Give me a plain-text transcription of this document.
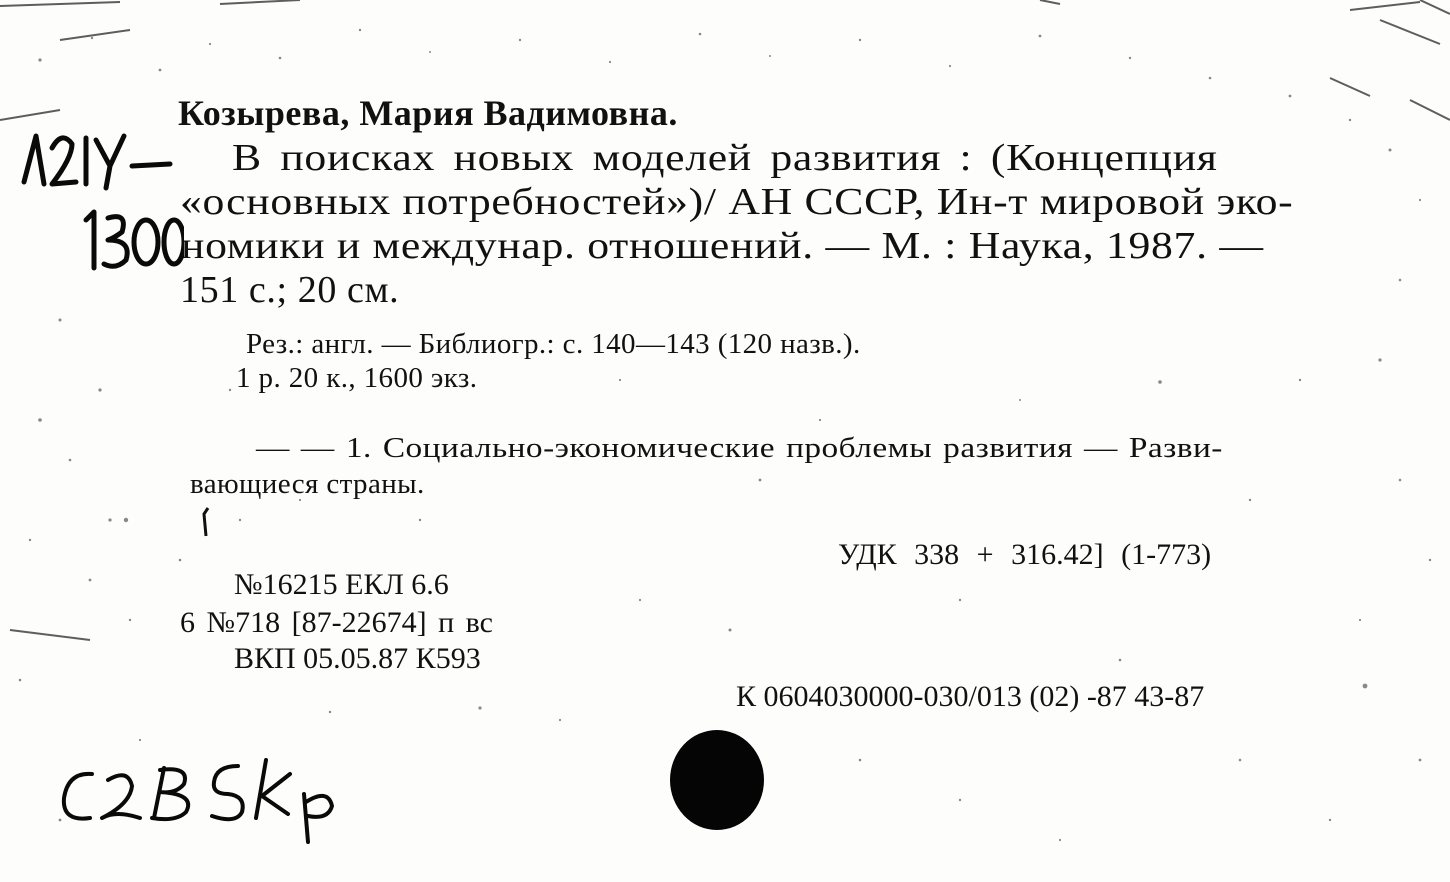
Козырева, Мария Вадимовна.
В поисках новых моделей развития : (Концепция
«основных потребностей»)/ АН СССР, Ин-т мировой эко-
номики и междунар. отношений. — М. : Наука, 1987. —
151 с.; 20 см.
Рез.: англ. — Библиогр.: с. 140—143 (120 назв.).
1 р. 20 к., 1600 экз.
— — 1. Социально-экономические проблемы развития — Разви-
вающиеся страны.
УДК 338 + 316.42] (1-773)
№16215 ЕКЛ 6.6
6 №718 [87-22674] п вс
ВКП 05.05.87 К593
К 0604030000-030/013 (02) -87 43-87
